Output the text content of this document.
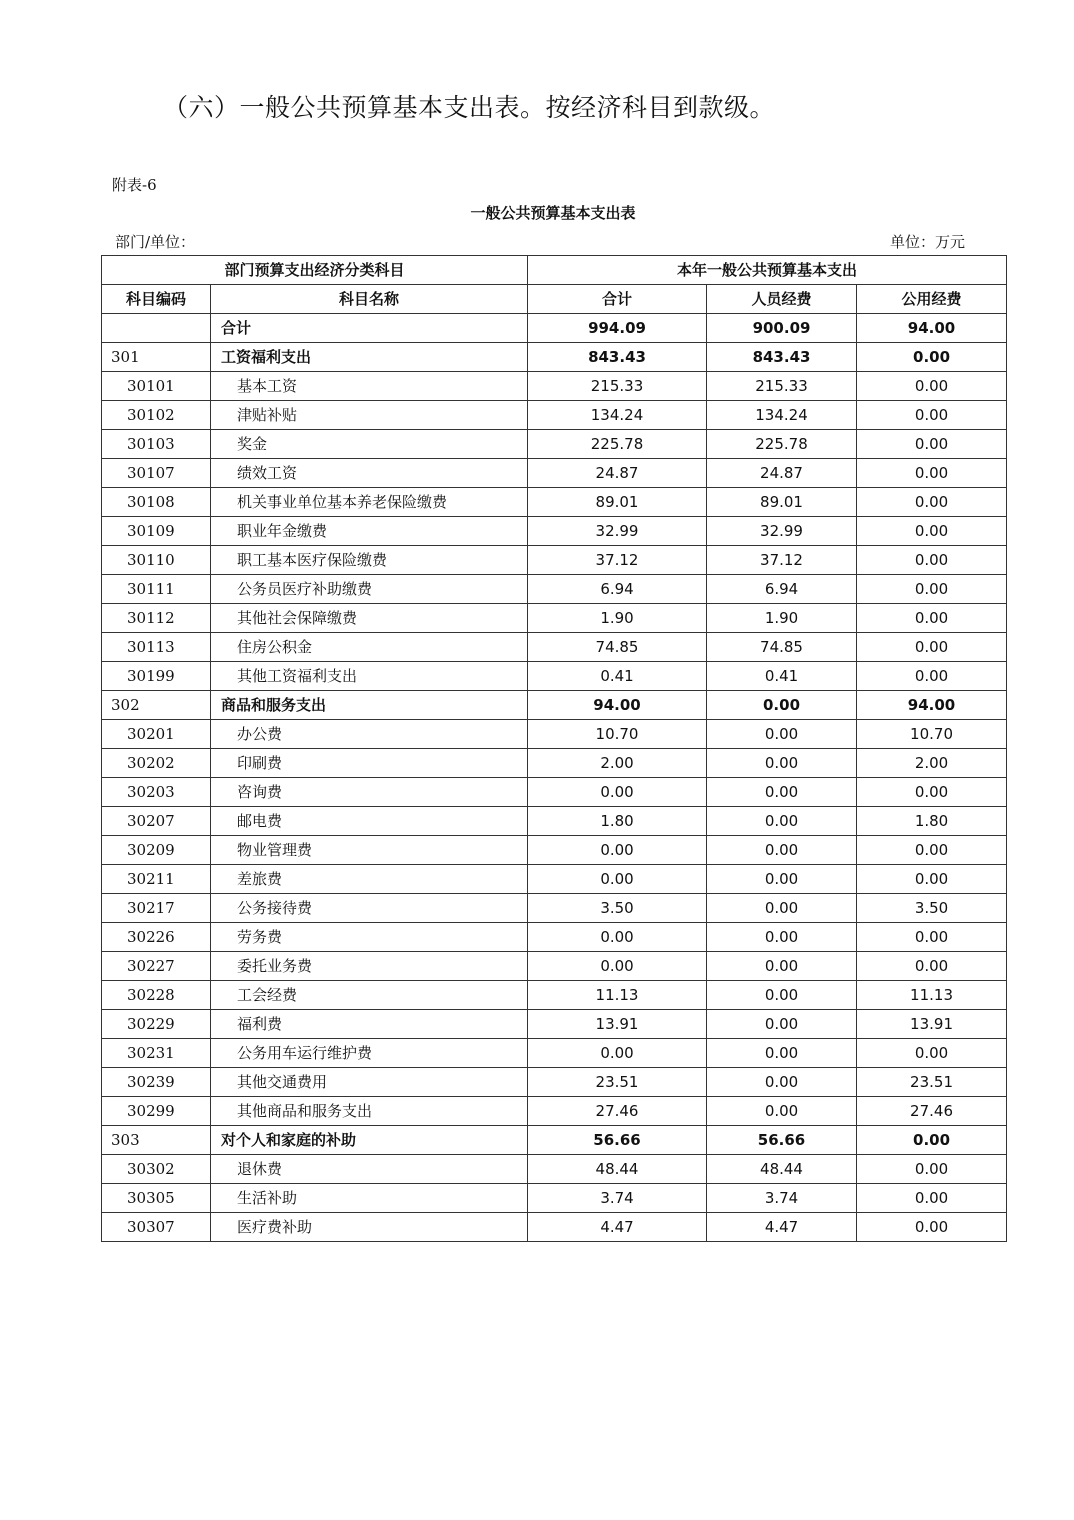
（六）一般公共预算基本支出表。按经济科目到款级。
附表-6
一般公共预算基本支出表
部门/单位：	单位：万元
部门预算支出经济分类科目		本年一般公共预算基本支出		
科目编码	科目名称	合计	人员经费	公用经费
	合计	994.09	900.09	94.00
301	工资福利支出	843.43	843.43	0.00
30101	基本工资	215.33	215.33	0.00
30102	津贴补贴	134.24	134.24	0.00
30103	奖金	225.78	225.78	0.00
30107	绩效工资	24.87	24.87	0.00
30108	机关事业单位基本养老保险缴费	89.01	89.01	0.00
30109	职业年金缴费	32.99	32.99	0.00
30110	职工基本医疗保险缴费	37.12	37.12	0.00
30111	公务员医疗补助缴费	6.94	6.94	0.00
30112	其他社会保障缴费	1.90	1.90	0.00
30113	住房公积金	74.85	74.85	0.00
30199	其他工资福利支出	0.41	0.41	0.00
302	商品和服务支出	94.00	0.00	94.00
30201	办公费	10.70	0.00	10.70
30202	印刷费	2.00	0.00	2.00
30203	咨询费	0.00	0.00	0.00
30207	邮电费	1.80	0.00	1.80
30209	物业管理费	0.00	0.00	0.00
30211	差旅费	0.00	0.00	0.00
30217	公务接待费	3.50	0.00	3.50
30226	劳务费	0.00	0.00	0.00
30227	委托业务费	0.00	0.00	0.00
30228	工会经费	11.13	0.00	11.13
30229	福利费	13.91	0.00	13.91
30231	公务用车运行维护费	0.00	0.00	0.00
30239	其他交通费用	23.51	0.00	23.51
30299	其他商品和服务支出	27.46	0.00	27.46
303	对个人和家庭的补助	56.66	56.66	0.00
30302	退休费	48.44	48.44	0.00
30305	生活补助	3.74	3.74	0.00
30307	医疗费补助	4.47	4.47	0.00
